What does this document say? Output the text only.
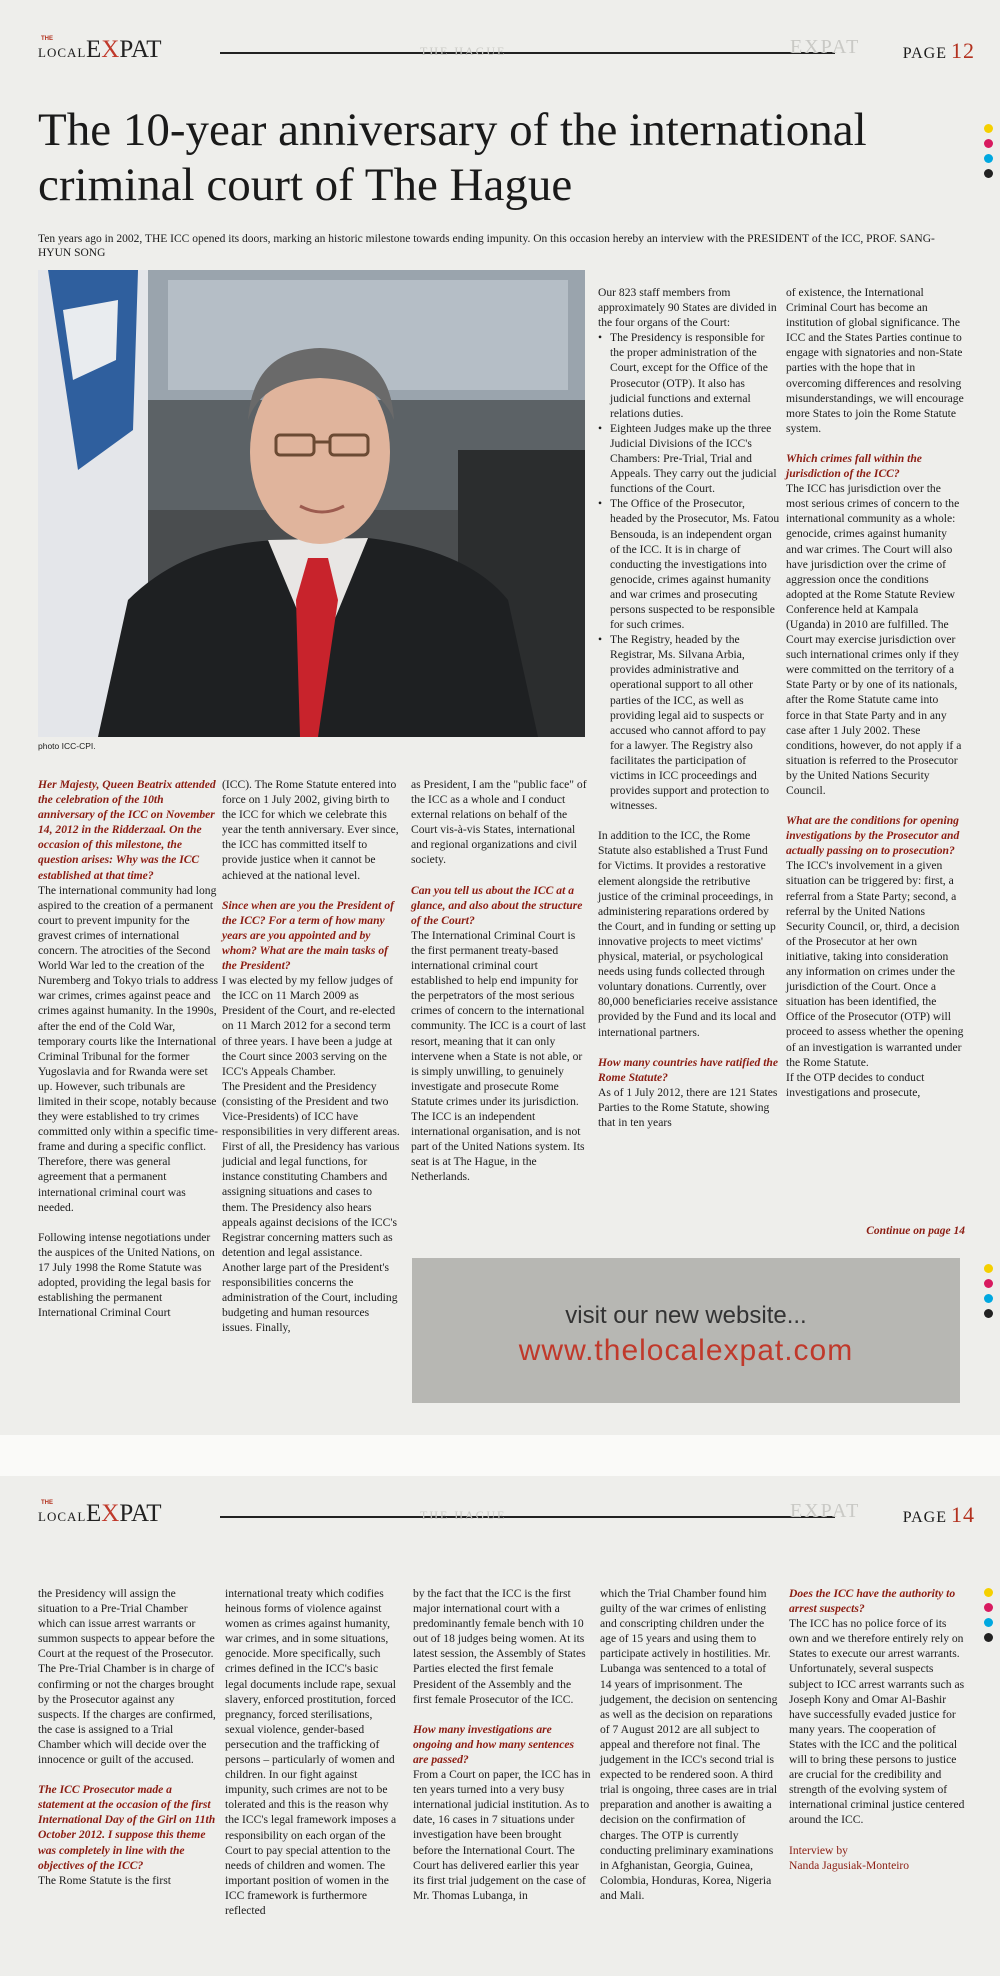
THE
LOCAL EXPAT	PAGE 12
THE HAGUE	EXPAT
The 10-year anniversary of the international
criminal court of The Hague
Ten years ago in 2002, THE ICC opened its doors, marking an historic milestone towards ending impunity. On this occasion hereby an interview with the PRESIDENT of the ICC, PROF. SANG-HYUN SONG
photo ICC-CPI.

Our 823 staff members from approximately 90 States are divided in the four organs of the Court:

• The Presidency is responsible for the proper administration of the Court, except for the Office of the Prosecutor (OTP). It also has judicial functions and external relations duties.
• Eighteen Judges make up the three Judicial Divisions of the ICC's Chambers: Pre-Trial, Trial and Appeals. They carry out the judicial functions of the Court.
• The Office of the Prosecutor, headed by the Prosecutor, Ms. Fatou Bensouda, is an independent organ of the ICC. It is in charge of conducting the investigations into genocide, crimes against humanity and war crimes and prosecuting persons suspected to be responsible for such crimes.
• The Registry, headed by the Registrar, Ms. Silvana Arbia, provides administrative and operational support to all other parties of the ICC, as well as providing legal aid to suspects or accused who cannot afford to pay for a lawyer. The Registry also facilitates the participation of victims in ICC proceedings and provides support and protection to witnesses.

In addition to the ICC, the Rome Statute also established a Trust Fund for Victims. It provides a restorative element alongside the retributive justice of the criminal proceedings, in administering reparations ordered by the Court, and in funding or setting up innovative projects to meet victims' physical, material, or psychological needs using funds collected through voluntary donations. Currently, over 80,000 beneficiaries receive assistance provided by the Fund and its local and international partners.

How many countries have ratified the Rome Statute?

As of 1 July 2012, there are 121 States Parties to the Rome Statute, showing that in ten years

of existence, the International Criminal Court has become an institution of global significance. The ICC and the States Parties continue to engage with signatories and non-State parties with the hope that in overcoming differences and resolving misunderstandings, we will encourage more States to join the Rome Statute system.

Which crimes fall within the jurisdiction of the ICC?

The ICC has jurisdiction over the most serious crimes of concern to the international community as a whole: genocide, crimes against humanity and war crimes. The Court will also have jurisdiction over the crime of aggression once the conditions adopted at the Rome Statute Review Conference held at Kampala (Uganda) in 2010 are fulfilled. The Court may exercise jurisdiction over such international crimes only if they were committed on the territory of a State Party or by one of its nationals, after the Rome Statute came into force in that State Party and in any case after 1 July 2002. These conditions, however, do not apply if a situation is referred to the Prosecutor by the United Nations Security Council.

What are the conditions for opening investigations by the Prosecutor and actually passing on to prosecution?

The ICC's involvement in a given situation can be triggered by: first, a referral from a State Party; second, a referral by the United Nations Security Council, or, third, a decision of the Prosecutor at her own initiative, taking into consideration any information on crimes under the jurisdiction of the Court. Once a situation has been identified, the Office of the Prosecutor (OTP) will proceed to assess whether the opening of an investigation is warranted under the Rome Statute.

If the OTP decides to conduct investigations and prosecute,

Her Majesty, Queen Beatrix attended the celebration of the 10th anniversary of the ICC on November 14, 2012 in the Ridderzaal. On the occasion of this milestone, the question arises: Why was the ICC established at that time?

The international community had long aspired to the creation of a permanent court to prevent impunity for the gravest crimes of international concern. The atrocities of the Second World War led to the creation of the Nuremberg and Tokyo trials to address war crimes, crimes against peace and crimes against humanity. In the 1990s, after the end of the Cold War, temporary courts like the International Criminal Tribunal for the former Yugoslavia and for Rwanda were set up. However, such tribunals are limited in their scope, notably because they were established to try crimes committed only within a specific time-frame and during a specific conflict. Therefore, there was general agreement that a permanent international criminal court was needed.

Following intense negotiations under the auspices of the United Nations, on 17 July 1998 the Rome Statute was adopted, providing the legal basis for establishing the permanent International Criminal Court

(ICC). The Rome Statute entered into force on 1 July 2002, giving birth to the ICC for which we celebrate this year the tenth anniversary. Ever since, the ICC has committed itself to provide justice when it cannot be achieved at the national level.

Since when are you the President of the ICC? For a term of how many years are you appointed and by whom? What are the main tasks of the President?

I was elected by my fellow judges of the ICC on 11 March 2009 as President of the Court, and re-elected on 11 March 2012 for a second term of three years. I have been a judge at the Court since 2003 serving on the ICC's Appeals Chamber.

The President and the Presidency (consisting of the President and two Vice-Presidents) of ICC have responsibilities in very different areas. First of all, the Presidency has various judicial and legal functions, for instance constituting Chambers and assigning situations and cases to them. The Presidency also hears appeals against decisions of the ICC's Registrar concerning matters such as detention and legal assistance. Another large part of the President's responsibilities concerns the administration of the Court, including budgeting and human resources issues. Finally,

as President, I am the "public face" of the ICC as a whole and I conduct external relations on behalf of the Court vis-à-vis States, international and regional organizations and civil society.

Can you tell us about the ICC at a glance, and also about the structure of the Court?

The International Criminal Court is the first permanent treaty-based international criminal court established to help end impunity for the perpetrators of the most serious crimes of concern to the international community. The ICC is a court of last resort, meaning that it can only intervene when a State is not able, or is simply unwilling, to genuinely investigate and prosecute Rome Statute crimes under its jurisdiction. The ICC is an independent international organisation, and is not part of the United Nations system. Its seat is at The Hague, in the Netherlands.

Continue on page 14
visit our new website...
www.thelocalexpat.com
THE
LOCAL EXPAT	PAGE 14
THE HAGUE	EXPAT

the Presidency will assign the situation to a Pre-Trial Chamber which can issue arrest warrants or summon suspects to appear before the Court at the request of the Prosecutor. The Pre-Trial Chamber is in charge of confirming or not the charges brought by the Prosecutor against any suspects. If the charges are confirmed, the case is assigned to a Trial Chamber which will decide over the innocence or guilt of the accused.

The ICC Prosecutor made a statement at the occasion of the first International Day of the Girl on 11th October 2012. I suppose this theme was completely in line with the objectives of the ICC?

The Rome Statute is the first

international treaty which codifies heinous forms of violence against women as crimes against humanity, war crimes, and in some situations, genocide. More specifically, such crimes defined in the ICC's basic legal documents include rape, sexual slavery, enforced prostitution, forced pregnancy, forced sterilisations, sexual violence, gender-based persecution and the trafficking of persons – particularly of women and children. In our fight against impunity, such crimes are not to be tolerated and this is the reason why the ICC's legal framework imposes a responsibility on each organ of the Court to pay special attention to the needs of children and women. The important position of women in the ICC framework is furthermore reflected

by the fact that the ICC is the first major international court with a predominantly female bench with 10 out of 18 judges being women. At its latest session, the Assembly of States Parties elected the first female President of the Assembly and the first female Prosecutor of the ICC.

How many investigations are ongoing and how many sentences are passed?

From a Court on paper, the ICC has in ten years turned into a very busy international judicial institution. As to date, 16 cases in 7 situations under investigation have been brought before the International Court. The Court has delivered earlier this year its first trial judgement on the case of Mr. Thomas Lubanga, in

which the Trial Chamber found him guilty of the war crimes of enlisting and conscripting children under the age of 15 years and using them to participate actively in hostilities. Mr. Lubanga was sentenced to a total of 14 years of imprisonment. The judgement, the decision on sentencing as well as the decision on reparations of 7 August 2012 are all subject to appeal and therefore not final. The judgement in the ICC's second trial is expected to be rendered soon. A third trial is ongoing, three cases are in trial preparation and another is awaiting a decision on the confirmation of charges. The OTP is currently conducting preliminary examinations in Afghanistan, Georgia, Guinea, Colombia, Honduras, Korea, Nigeria and Mali.

Does the ICC have the authority to arrest suspects?

The ICC has no police force of its own and we therefore entirely rely on States to execute our arrest warrants. Unfortunately, several suspects subject to ICC arrest warrants such as Joseph Kony and Omar Al-Bashir have successfully evaded justice for many years. The cooperation of States with the ICC and the political will to bring these persons to justice are crucial for the credibility and strength of the evolving system of international criminal justice centered around the ICC.

Interview by

Nanda Jagusiak-Monteiro
